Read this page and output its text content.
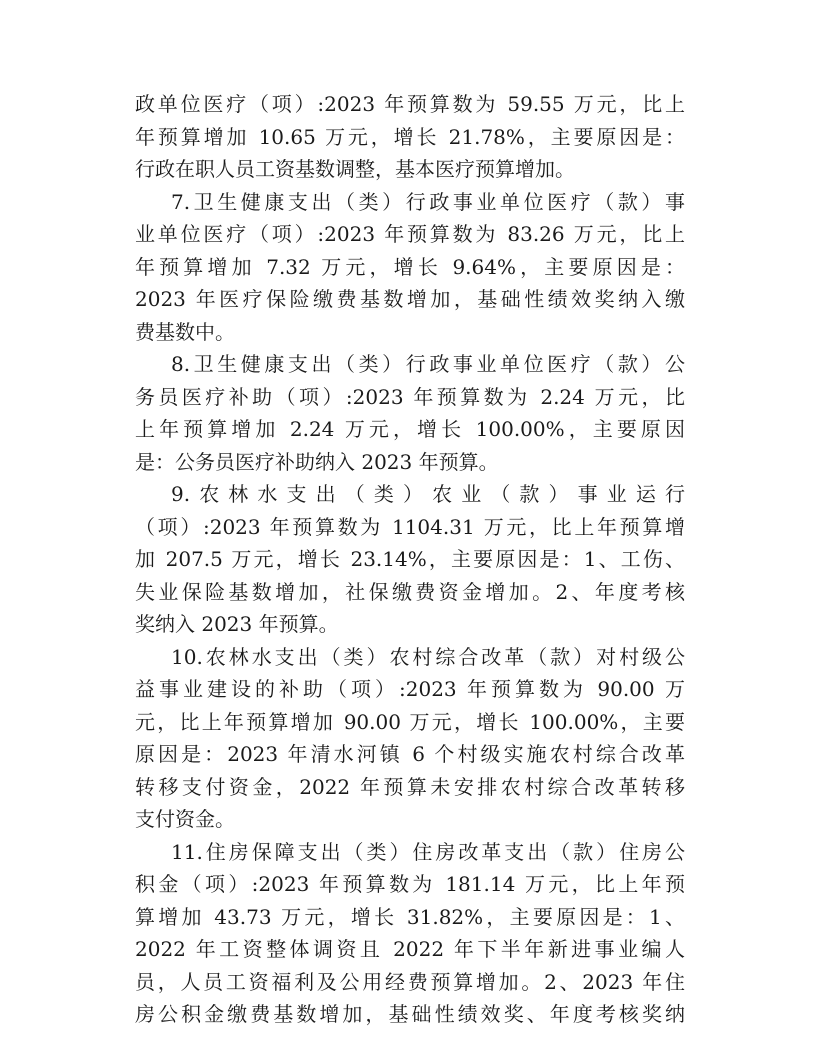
政单位医疗（项）:2023 年预算数为 59.55 万元，比上
年预算增加 10.65 万元，增长 21.78%，主要原因是：
行政在职人员工资基数调整，基本医疗预算增加。
7.卫生健康支出（类）行政事业单位医疗（款）事
业单位医疗（项）:2023 年预算数为 83.26 万元，比上
年预算增加 7.32 万元，增长 9.64%，主要原因是：
2023 年医疗保险缴费基数增加，基础性绩效奖纳入缴
费基数中。
8.卫生健康支出（类）行政事业单位医疗（款）公
务员医疗补助（项）:2023 年预算数为 2.24 万元，比
上年预算增加 2.24 万元，增长 100.00%，主要原因
是：公务员医疗补助纳入 2023 年预算。
9.农林水支出（类）农业（款）事业运行
（项）:2023 年预算数为 1104.31 万元，比上年预算增
加 207.5 万元，增长 23.14%，主要原因是：1、工伤、
失业保险基数增加，社保缴费资金增加。2、年度考核
奖纳入 2023 年预算。
10.农林水支出（类）农村综合改革（款）对村级公
益事业建设的补助（项）:2023 年预算数为 90.00 万
元，比上年预算增加 90.00 万元，增长 100.00%，主要
原因是：2023 年清水河镇 6 个村级实施农村综合改革
转移支付资金，2022 年预算未安排农村综合改革转移
支付资金。
11.住房保障支出（类）住房改革支出（款）住房公
积金（项）:2023 年预算数为 181.14 万元，比上年预
算增加 43.73 万元，增长 31.82%，主要原因是：1、
2022 年工资整体调资且 2022 年下半年新进事业编人
员，人员工资福利及公用经费预算增加。2、2023 年住
房公积金缴费基数增加，基础性绩效奖、年度考核奖纳
